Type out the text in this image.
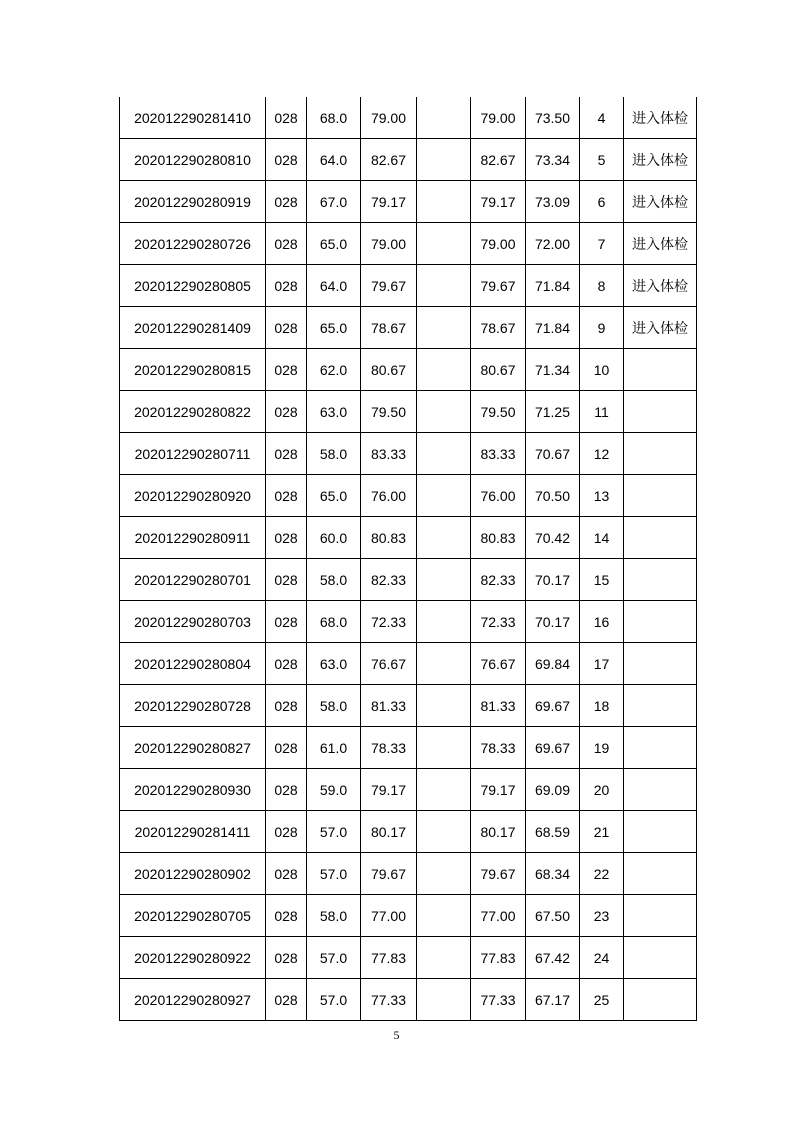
202012290281410	028	68.0	79.00		79.00	73.50	4	进入体检
202012290280810	028	64.0	82.67		82.67	73.34	5	进入体检
202012290280919	028	67.0	79.17		79.17	73.09	6	进入体检
202012290280726	028	65.0	79.00		79.00	72.00	7	进入体检
202012290280805	028	64.0	79.67		79.67	71.84	8	进入体检
202012290281409	028	65.0	78.67		78.67	71.84	9	进入体检
202012290280815	028	62.0	80.67		80.67	71.34	10	
202012290280822	028	63.0	79.50		79.50	71.25	11	
202012290280711	028	58.0	83.33		83.33	70.67	12	
202012290280920	028	65.0	76.00		76.00	70.50	13	
202012290280911	028	60.0	80.83		80.83	70.42	14	
202012290280701	028	58.0	82.33		82.33	70.17	15	
202012290280703	028	68.0	72.33		72.33	70.17	16	
202012290280804	028	63.0	76.67		76.67	69.84	17	
202012290280728	028	58.0	81.33		81.33	69.67	18	
202012290280827	028	61.0	78.33		78.33	69.67	19	
202012290280930	028	59.0	79.17		79.17	69.09	20	
202012290281411	028	57.0	80.17		80.17	68.59	21	
202012290280902	028	57.0	79.67		79.67	68.34	22	
202012290280705	028	58.0	77.00		77.00	67.50	23	
202012290280922	028	57.0	77.83		77.83	67.42	24	
202012290280927	028	57.0	77.33		77.33	67.17	25	
5
